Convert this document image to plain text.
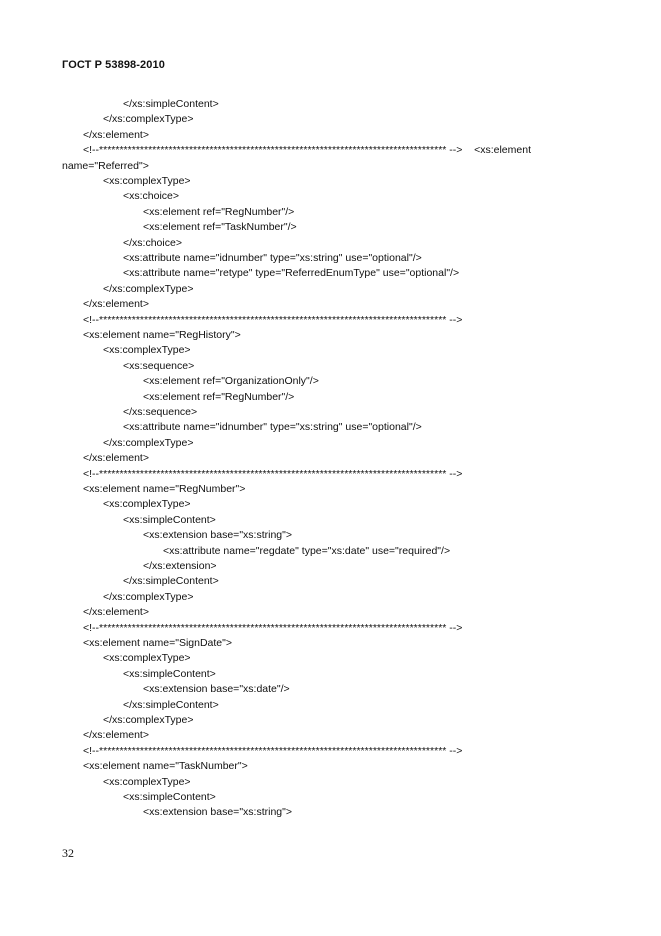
ГОСТ Р 53898-2010
</xs:simpleContent>
</xs:complexType>
</xs:element>
<!--************************************************************************************* -->    <xs:element
name="Referred">
<xs:complexType>
<xs:choice>
<xs:element ref="RegNumber"/>
<xs:element ref="TaskNumber"/>
</xs:choice>
<xs:attribute name="idnumber" type="xs:string" use="optional"/>
<xs:attribute name="retype" type="ReferredEnumType" use="optional"/>
</xs:complexType>
</xs:element>
<!--************************************************************************************* -->
<xs:element name="RegHistory">
<xs:complexType>
<xs:sequence>
<xs:element ref="OrganizationOnly"/>
<xs:element ref="RegNumber"/>
</xs:sequence>
<xs:attribute name="idnumber" type="xs:string" use="optional"/>
</xs:complexType>
</xs:element>
<!--************************************************************************************* -->
<xs:element name="RegNumber">
<xs:complexType>
<xs:simpleContent>
<xs:extension base="xs:string">
<xs:attribute name="regdate" type="xs:date" use="required"/>
</xs:extension>
</xs:simpleContent>
</xs:complexType>
</xs:element>
<!--************************************************************************************* -->
<xs:element name="SignDate">
<xs:complexType>
<xs:simpleContent>
<xs:extension base="xs:date"/>
</xs:simpleContent>
</xs:complexType>
</xs:element>
<!--************************************************************************************* -->
<xs:element name="TaskNumber">
<xs:complexType>
<xs:simpleContent>
<xs:extension base="xs:string">
32
